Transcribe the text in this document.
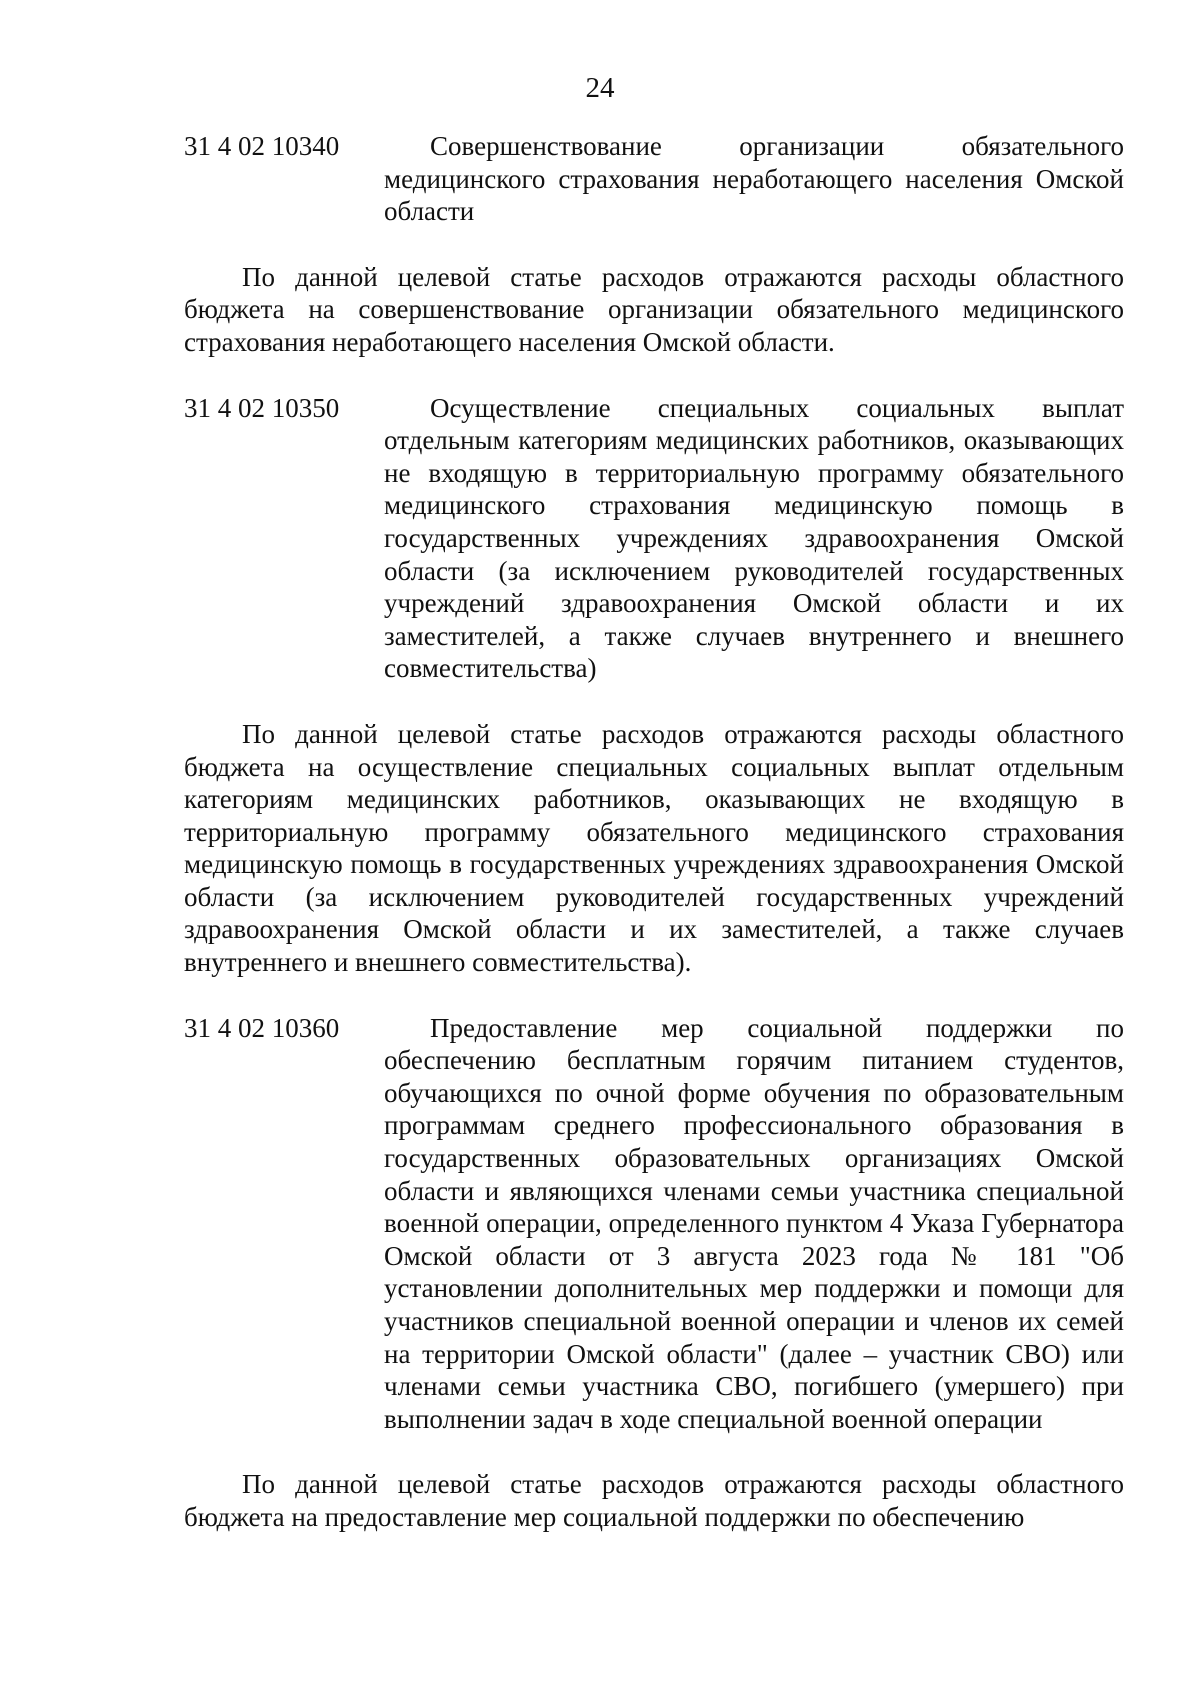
24
31 4 02 10340	Совершенствование организации обязательного медицинского страхования неработающего населения Омской области

По данной целевой статье расходов отражаются расходы областного бюджета на совершенствование организации обязательного медицинского страхования неработающего населения Омской области.

31 4 02 10350	Осуществление специальных социальных выплат отдельным категориям медицинских работников, оказывающих не входящую в территориальную программу обязательного медицинского страхования медицинскую помощь в государственных учреждениях здравоохранения Омской области (за исключением руководителей государственных учреждений здравоохранения Омской области и их заместителей, а также случаев внутреннего и внешнего совместительства)

По данной целевой статье расходов отражаются расходы областного бюджета на осуществление специальных социальных выплат отдельным категориям медицинских работников, оказывающих не входящую в территориальную программу обязательного медицинского страхования медицинскую помощь в государственных учреждениях здравоохранения Омской области (за исключением руководителей государственных учреждений здравоохранения Омской области и их заместителей, а также случаев внутреннего и внешнего совместительства).

31 4 02 10360	Предоставление мер социальной поддержки по обеспечению бесплатным горячим питанием студентов, обучающихся по очной форме обучения по образовательным программам среднего профессионального образования в государственных образовательных организациях Омской области и являющихся членами семьи участника специальной военной операции, определенного пунктом 4 Указа Губернатора Омской области от 3 августа 2023 года № 181 "Об установлении дополнительных мер поддержки и помощи для участников специальной военной операции и членов их семей на территории Омской области" (далее – участник СВО) или членами семьи участника СВО, погибшего (умершего) при выполнении задач в ходе специальной военной операции

По данной целевой статье расходов отражаются расходы областного бюджета на предоставление мер социальной поддержки по обеспечению
